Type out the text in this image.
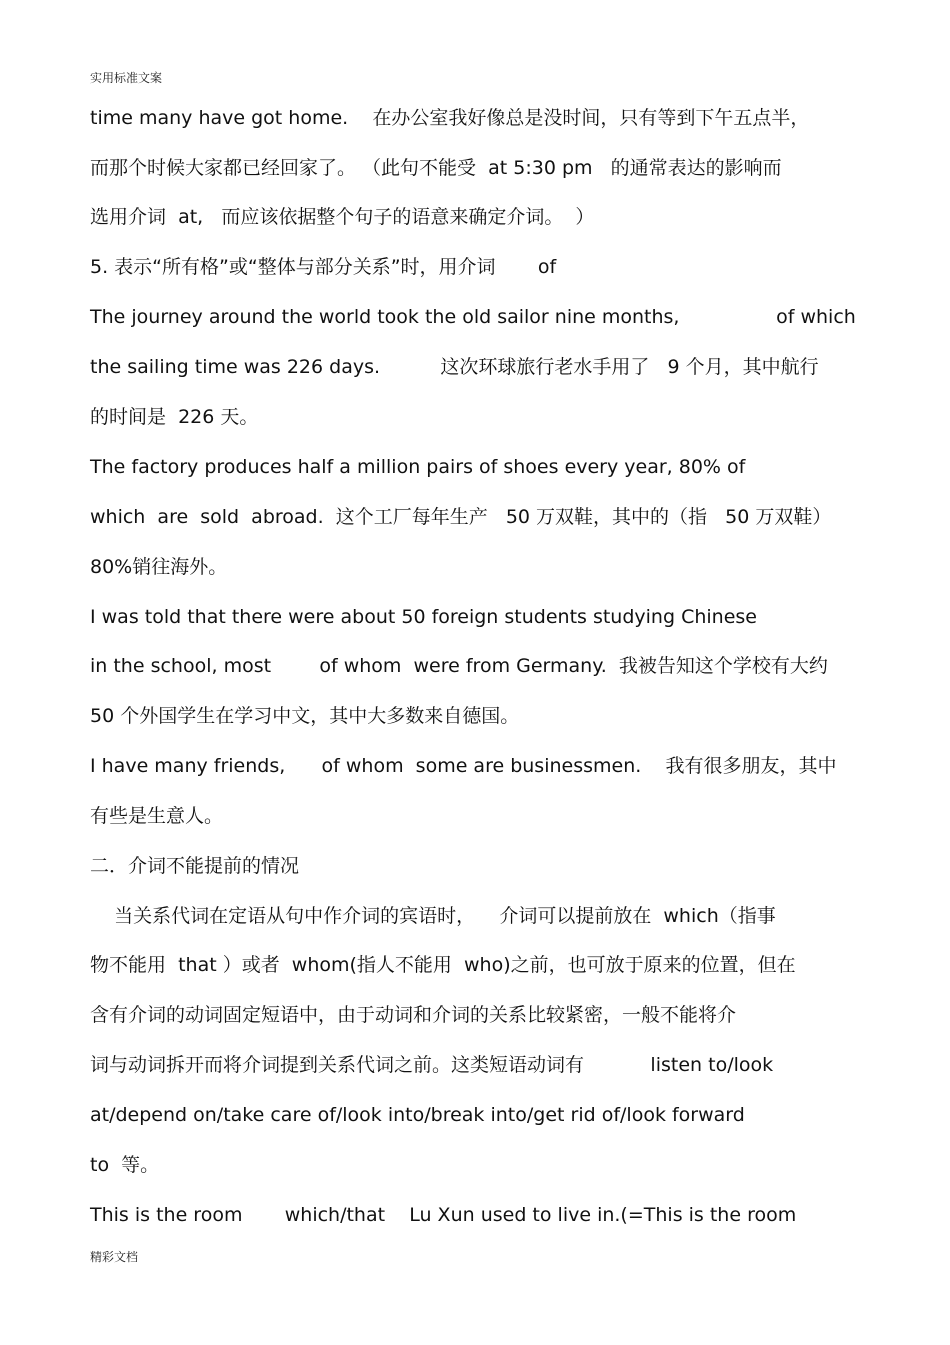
实用标准文案
time many have got home.    在办公室我好像总是没时间，只有等到下午五点半，
而那个时候大家都已经回家了。 （此句不能受  at 5:30 pm   的通常表达的影响而
选用介词  at,   而应该依据整个句子的语意来确定介词。  ）
5. 表示“所有格”或“整体与部分关系”时，用介词       of
The journey around the world took the old sailor nine months,                of which
the sailing time was 226 days.          这次环球旅行老水手用了   9 个月，其中航行
的时间是  226 天。
The factory produces half a million pairs of shoes every year, 80% of
which  are  sold  abroad.  这个工厂每年生产   50 万双鞋，其中的（指   50 万双鞋）
80%销往海外。
I was told that there were about 50 foreign students studying Chinese
in the school, most        of whom  were from Germany.  我被告知这个学校有大约
50 个外国学生在学习中文，其中大多数来自德国。
I have many friends,      of whom  some are businessmen.    我有很多朋友，其中
有些是生意人。
二．介词不能提前的情况
当关系代词在定语从句中作介词的宾语时，    介词可以提前放在  which（指事
物不能用  that ）或者  whom(指人不能用  who)之前，也可放于原来的位置，但在
含有介词的动词固定短语中，由于动词和介词的关系比较紧密，一般不能将介
词与动词拆开而将介词提到关系代词之前。这类短语动词有           listen to/look
at/depend on/take care of/look into/break into/get rid of/look forward
to  等。
This is the room       which/that    Lu Xun used to live in.(=This is the room
精彩文档
